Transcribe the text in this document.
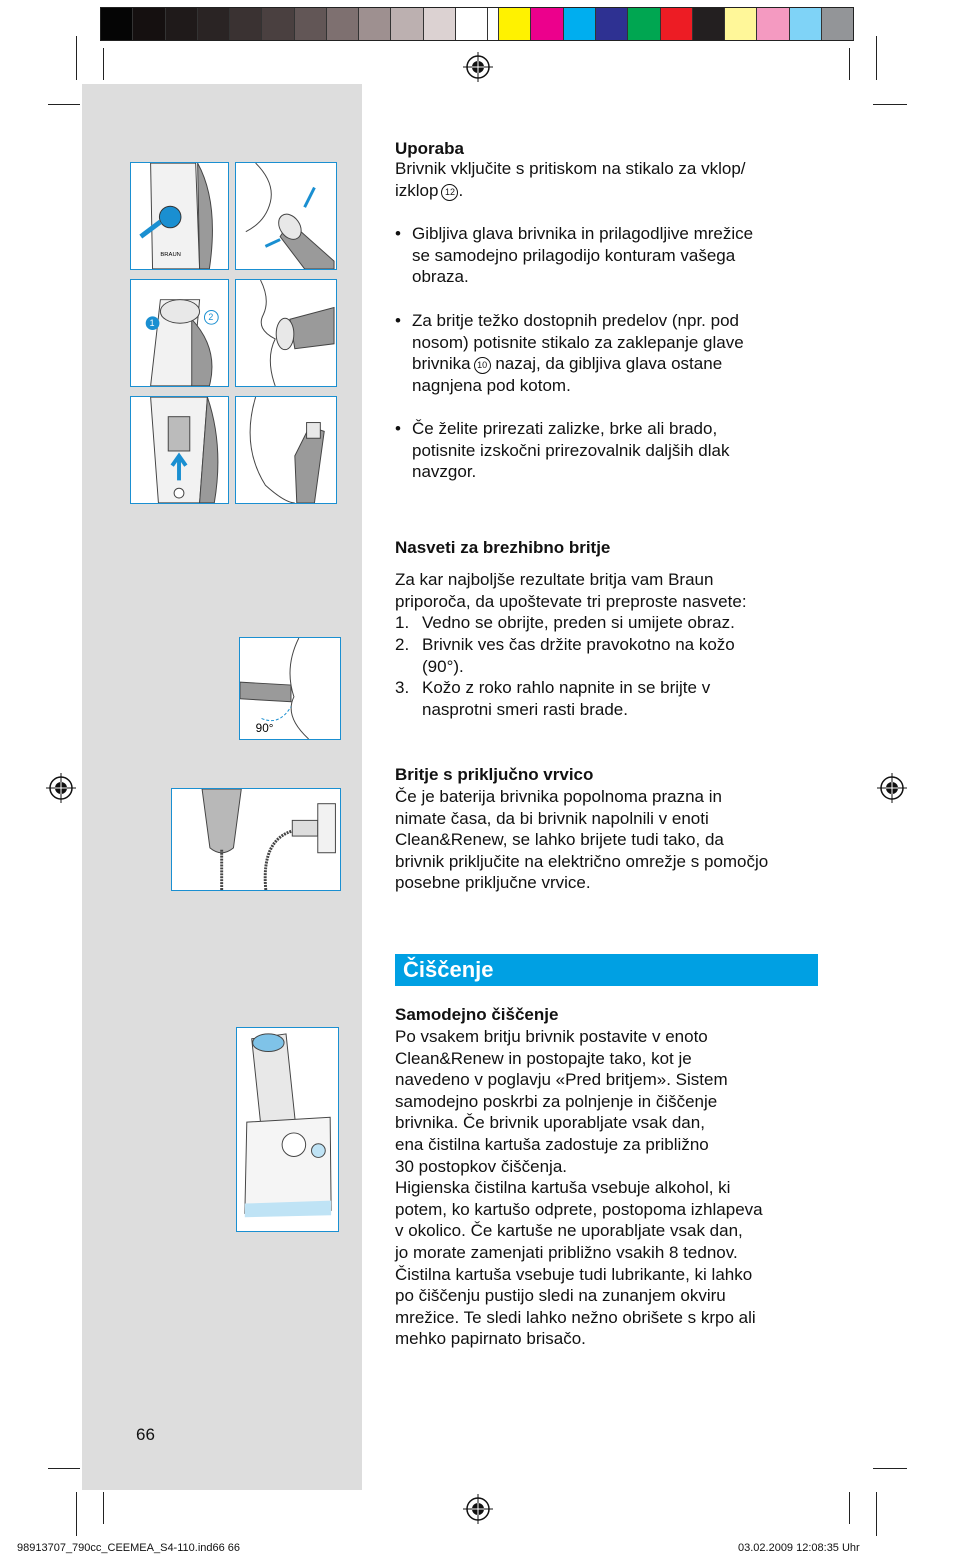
BRAUN
1
2
90°
Uporaba
Brivnik vključite s pritiskom na stikalo za vklop/
izklop 12 .
• Gibljiva glava brivnika in prilagodljive mrežice
se samodejno prilagodijo konturam vašega
obraza.
• Za britje težko dostopnih predelov (npr. pod
nosom) potisnite stikalo za zaklepanje glave
brivnika 10 nazaj, da gibljiva glava ostane
nagnjena pod kotom.
• Če želite prirezati zalizke, brke ali brado,
potisnite izskočni prirezovalnik daljših dlak
navzgor.
Nasveti za brezhibno britje
Za kar najboljše rezultate britja vam Braun
priporoča, da upoštevate tri preproste nasvete:
1. Vedno se obrijte, preden si umijete obraz.
2. Brivnik ves čas držite pravokotno na kožo
(90°).
3. Kožo z roko rahlo napnite in se brijte v
nasprotni smeri rasti brade.
Britje s priključno vrvico
Če je baterija brivnika popolnoma prazna in
nimate časa, da bi brivnik napolnili v enoti
Clean&Renew, se lahko brijete tudi tako, da
brivnik priključite na električno omrežje s pomočjo
posebne priključne vrvice.
Čiščenje
Samodejno čiščenje
Po vsakem britju brivnik postavite v enoto
Clean&Renew in postopajte tako, kot je
navedeno v poglavju «Pred britjem». Sistem
samodejno poskrbi za polnjenje in čiščenje
brivnika. Če brivnik uporabljate vsak dan,
ena čistilna kartuša zadostuje za približno
30 postopkov čiščenja.
Higienska čistilna kartuša vsebuje alkohol, ki
potem, ko kartušo odprete, postopoma izhlapeva
v okolico. Če kartuše ne uporabljate vsak dan,
jo morate zamenjati približno vsakih 8 tednov.
Čistilna kartuša vsebuje tudi lubrikante, ki lahko
po čiščenju pustijo sledi na zunanjem okviru
mrežice. Te sledi lahko nežno obrišete s krpo ali
mehko papirnato brisačo.
66
98913707_790cc_CEEMEA_S4-110.ind66 66	03.02.2009 12:08:35 Uhr
